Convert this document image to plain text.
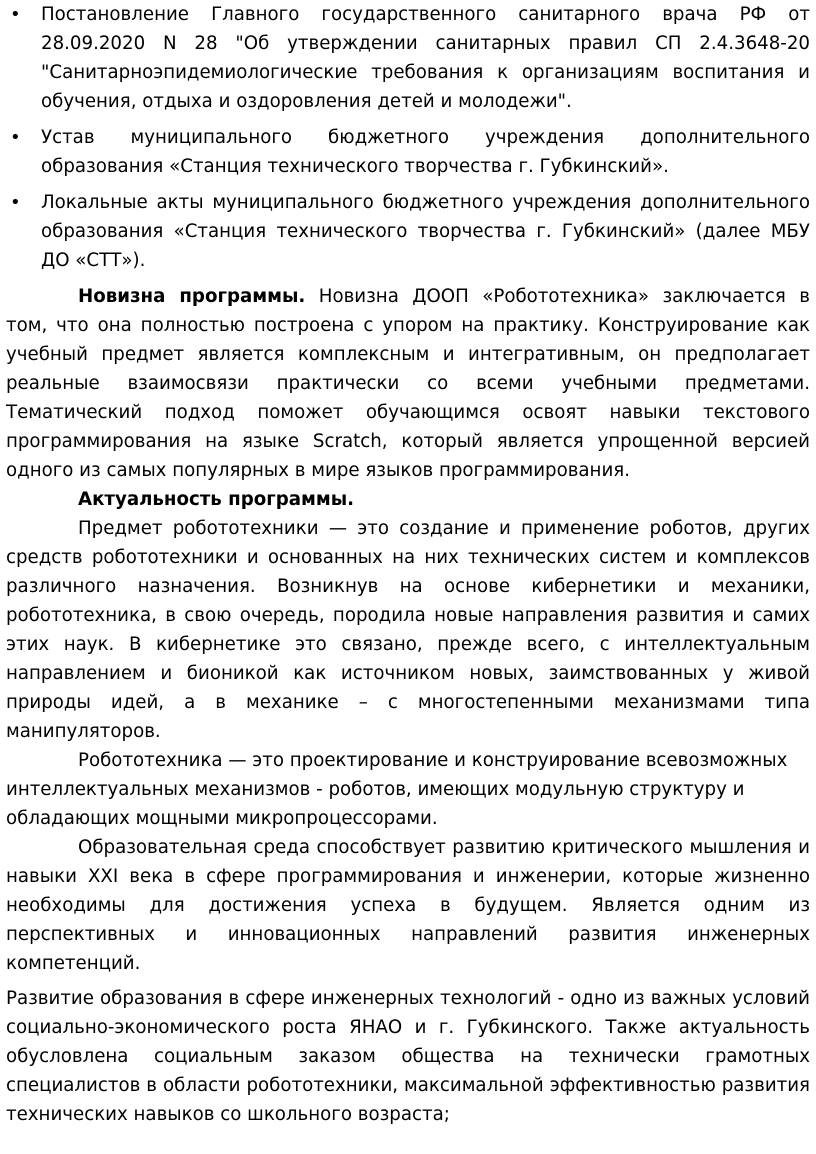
• Постановление Главного государственного санитарного врача РФ от 28.09.2020 N 28 "Об утверждении санитарных правил СП 2.4.3648-20 "Санитарноэпидемиологические требования к организациям воспитания и обучения, отдыха и оздоровления детей и молодежи".
• Устав муниципального бюджетного учреждения дополнительного образования «Станция технического творчества г. Губкинский».
• Локальные акты муниципального бюджетного учреждения дополнительного образования «Станция технического творчества г. Губкинский» (далее МБУ ДО «СТТ»).

Новизна программы. Новизна ДООП «Робототехника» заключается в том, что она полностью построена с упором на практику. Конструирование как учебный предмет является комплексным и интегративным, он предполагает реальные взаимосвязи практически со всеми учебными предметами. Тематический подход поможет обучающимся освоят навыки текстового программирования на языке Scratch, который является упрощенной версией одного из самых популярных в мире языков программирования.

Актуальность программы.

Предмет робототехники — это создание и применение роботов, других средств робототехники и основанных на них технических систем и комплексов различного назначения. Возникнув на основе кибернетики и механики, робототехника, в свою очередь, породила новые направления развития и самих этих наук. В кибернетике это связано, прежде всего, с интеллектуальным направлением и бионикой как источником новых, заимствованных у живой природы идей, а в механике – с многостепенными механизмами типа манипуляторов.

Робототехника — это проектирование и конструирование всевозможных интеллектуальных механизмов - роботов, имеющих модульную структуру и обладающих мощными микропроцессорами.

Образовательная среда способствует развитию критического мышления и навыки XXI века в сфере программирования и инженерии, которые жизненно необходимы для достижения успеха в будущем. Является одним из перспективных и инновационных направлений развития инженерных компетенций.

Развитие образования в сфере инженерных технологий - одно из важных условий социально-экономического роста ЯНАО и г. Губкинского. Также актуальность обусловлена социальным заказом общества на технически грамотных специалистов в области робототехники, максимальной эффективностью развития технических навыков со школьного возраста;
